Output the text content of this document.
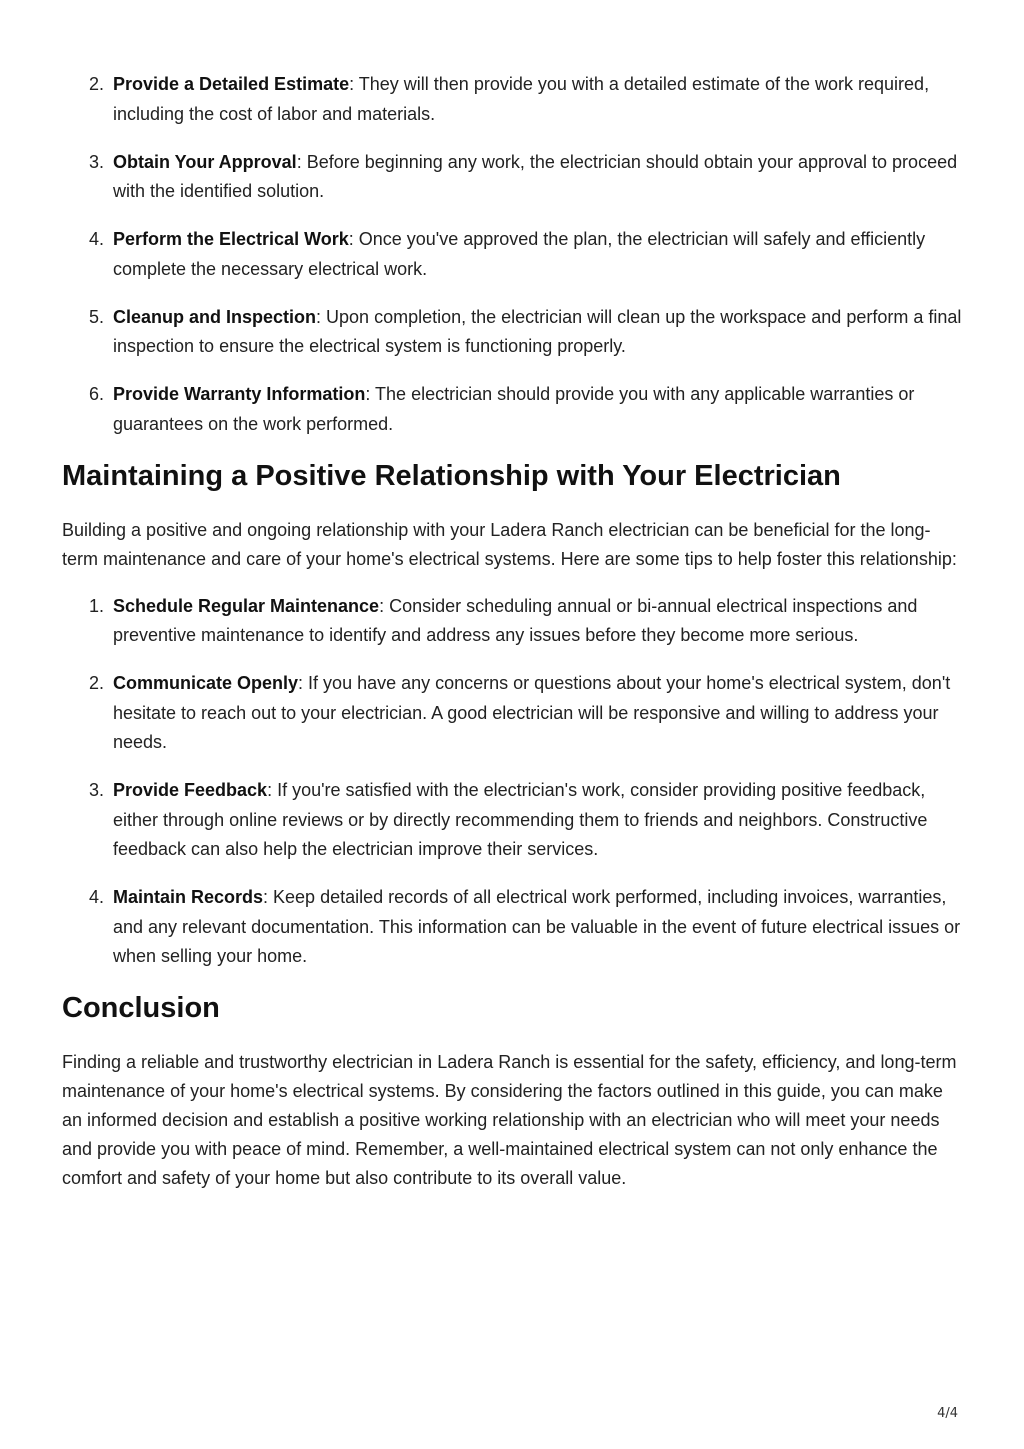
2. Provide a Detailed Estimate: They will then provide you with a detailed estimate of the work required, including the cost of labor and materials.
3. Obtain Your Approval: Before beginning any work, the electrician should obtain your approval to proceed with the identified solution.
4. Perform the Electrical Work: Once you've approved the plan, the electrician will safely and efficiently complete the necessary electrical work.
5. Cleanup and Inspection: Upon completion, the electrician will clean up the workspace and perform a final inspection to ensure the electrical system is functioning properly.
6. Provide Warranty Information: The electrician should provide you with any applicable warranties or guarantees on the work performed.
Maintaining a Positive Relationship with Your Electrician

Building a positive and ongoing relationship with your Ladera Ranch electrician can be beneficial for the long-term maintenance and care of your home's electrical systems. Here are some tips to help foster this relationship:

1. Schedule Regular Maintenance: Consider scheduling annual or bi-annual electrical inspections and preventive maintenance to identify and address any issues before they become more serious.
2. Communicate Openly: If you have any concerns or questions about your home's electrical system, don't hesitate to reach out to your electrician. A good electrician will be responsive and willing to address your needs.
3. Provide Feedback: If you're satisfied with the electrician's work, consider providing positive feedback, either through online reviews or by directly recommending them to friends and neighbors. Constructive feedback can also help the electrician improve their services.
4. Maintain Records: Keep detailed records of all electrical work performed, including invoices, warranties, and any relevant documentation. This information can be valuable in the event of future electrical issues or when selling your home.
Conclusion

Finding a reliable and trustworthy electrician in Ladera Ranch is essential for the safety, efficiency, and long-term maintenance of your home's electrical systems. By considering the factors outlined in this guide, you can make an informed decision and establish a positive working relationship with an electrician who will meet your needs and provide you with peace of mind. Remember, a well-maintained electrical system can not only enhance the comfort and safety of your home but also contribute to its overall value.

4/4
